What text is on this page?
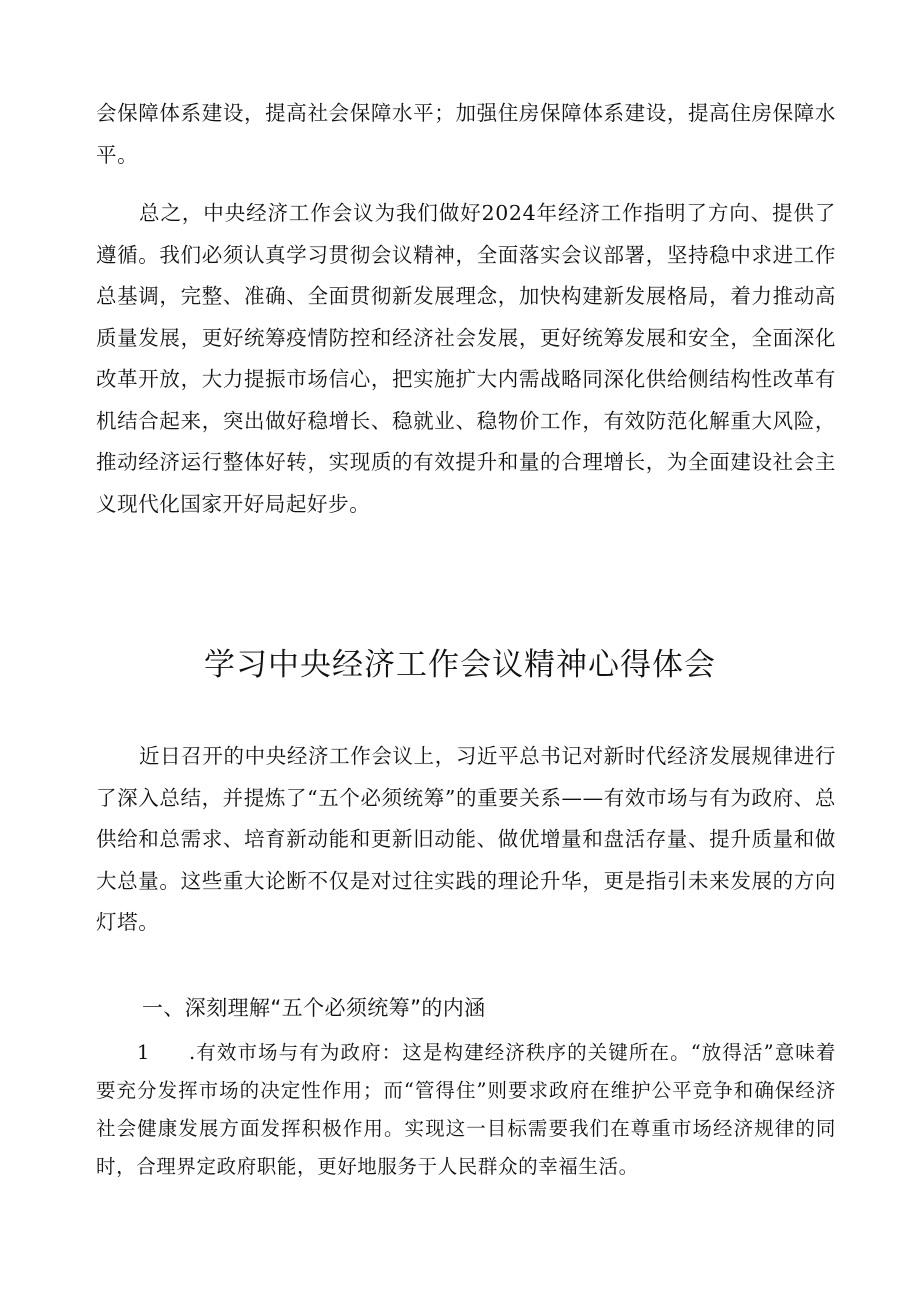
会保障体系建设，提高社会保障水平；加强住房保障体系建设，提高住房保障水平。

总之，中央经济工作会议为我们做好2024年经济工作指明了方向、提供了遵循。我们必须认真学习贯彻会议精神，全面落实会议部署，坚持稳中求进工作总基调，完整、准确、全面贯彻新发展理念，加快构建新发展格局，着力推动高质量发展，更好统筹疫情防控和经济社会发展，更好统筹发展和安全，全面深化改革开放，大力提振市场信心，把实施扩大内需战略同深化供给侧结构性改革有机结合起来，突出做好稳增长、稳就业、稳物价工作，有效防范化解重大风险，推动经济运行整体好转，实现质的有效提升和量的合理增长，为全面建设社会主义现代化国家开好局起好步。

学习中央经济工作会议精神心得体会

近日召开的中央经济工作会议上，习近平总书记对新时代经济发展规律进行了深入总结，并提炼了“五个必须统筹”的重要关系——有效市场与有为政府、总供给和总需求、培育新动能和更新旧动能、做优增量和盘活存量、提升质量和做大总量。这些重大论断不仅是对过往实践的理论升华，更是指引未来发展的方向灯塔。

一、深刻理解“五个必须统筹”的内涵

1 .有效市场与有为政府：这是构建经济秩序的关键所在。“放得活”意味着要充分发挥市场的决定性作用；而“管得住”则要求政府在维护公平竞争和确保经济社会健康发展方面发挥积极作用。实现这一目标需要我们在尊重市场经济规律的同时，合理界定政府职能，更好地服务于人民群众的幸福生活。
